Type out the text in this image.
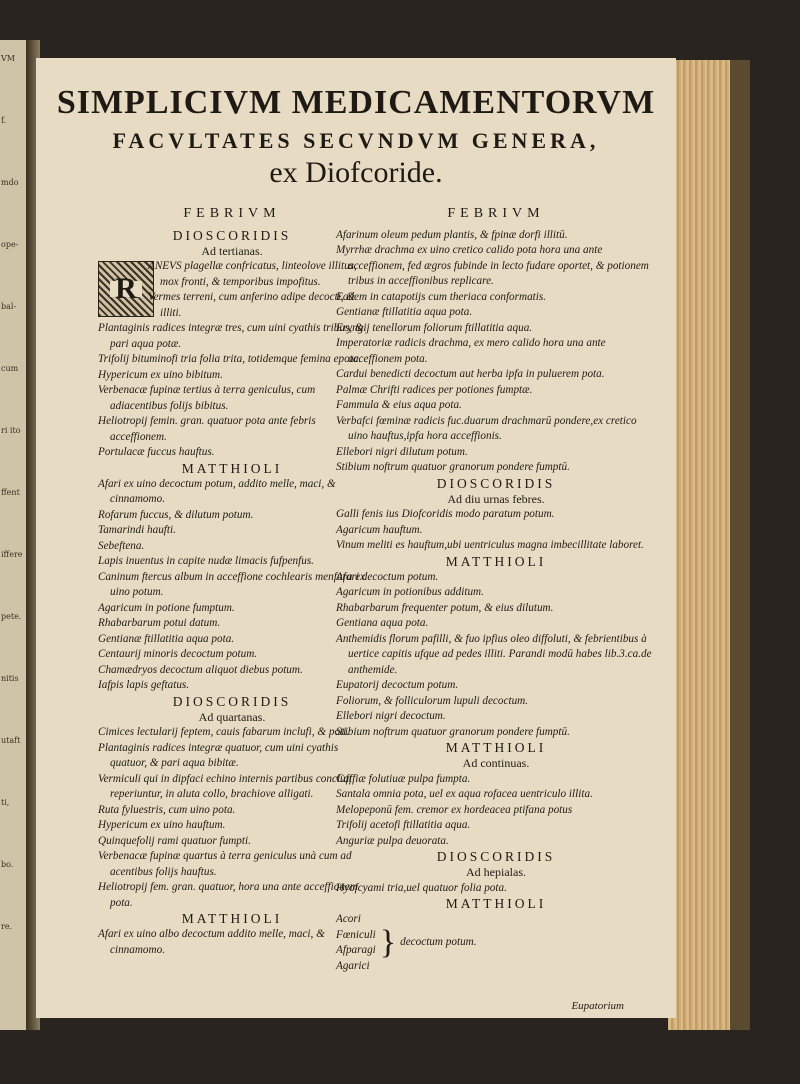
VM
f.
mdo
ope-
bal-
cum
ri ito
ffent
iffere
pete.
nitis
utaft
ti,
bo.
re.
SIMPLICIVM MEDICAMENTORVM
FACVLTATES SECVNDVM GENERA,
ex Diofcoride.
FEBRIVM
DIOSCORIDIS
Ad tertianas.
R
ANEVS plagellæ confricatus, linteolove illitus, mox fronti, & temporibus impofitus.
Vermes terreni, cum anferino adipe decocti, & illiti.
Plantaginis radices integræ tres, cum uini cyathis tribus, & pari aqua potæ.
Trifolij bituminofi tria folia trita, totidemque femina epota.
Hypericum ex uino bibitum.
Verbenacæ fupinæ tertius à terra geniculus, cum adiacentibus folijs bibitus.
Heliotropij femin. gran. quatuor pota ante febris acceffionem.
Portulacæ fuccus hauftus.
MATTHIOLI
Afari ex uino decoctum potum, addito melle, maci, & cinnamomo.
Rofarum fuccus, & dilutum potum.
Tamarindi haufti.
Sebeftena.
Lapis inuentus in capite nudæ limacis fufpenfus.
Caninum ftercus album in acceffione cochlearis menfura ex uino potum.
Agaricum in potione fumptum.
Rhabarbarum potui datum.
Gentianæ ftillatitia aqua pota.
Centaurij minoris decoctum potum.
Chamædryos decoctum aliquot diebus potum.
Iafpis lapis geftatus.
DIOSCORIDIS
Ad quartanas.
Cimices lectularij feptem, cauis fabarum inclufi, & poti.
Plantaginis radices integræ quatuor, cum uini cyathis quatuor, & pari aqua bibitæ.
Vermiculi qui in dipfaci echino internis partibus concluft reperiuntur, in aluta collo, brachiove alligati.
Ruta fyluestris, cum uino pota.
Hypericum ex uino hauftum.
Quinquefolij rami quatuor fumpti.
Verbenacæ fupinæ quartus à terra geniculus unà cum ad acentibus folijs hauftus.
Heliotropij fem. gran. quatuor, hora una ante acceffionem pota.
MATTHIOLI
Afari ex uino albo decoctum addito melle, maci, & cinnamomo.
FEBRIVM
Afarinum oleum pedum plantis, & fpinæ dorfi illitū.
Myrrhæ drachma ex uino cretico calido pota hora una ante acceffionem, fed ægros fubinde in lecto fudare oportet, & potionem tribus in acceffionibus replicare.
Eadem in catapotijs cum theriaca conformatis.
Gentianæ ftillatitia aqua pota.
Eryngij tenellorum foliorum ftillatitia aqua.
Imperatoriæ radicis drachma, ex mero calido hora una ante acceffionem pota.
Cardui benedicti decoctum aut herba ipfa in puluerem pota.
Palmæ Chrifti radices per potiones fumptæ.
Fammula & eius aqua pota.
Verbafci fœminæ radicis fuc.duarum drachmarū pondere,ex cretico uino hauftus,ipfa hora acceffionis.
Ellebori nigri dilutum potum.
Stibium noftrum quatuor granorum pondere fumptū.
DIOSCORIDIS
Ad diu urnas febres.
Galli fenis ius Diofcoridis modo paratum potum.
Agaricum hauftum.
Vinum meliti es hauftum,ubi uentriculus magna imbecillitate laboret.
MATTHIOLI
Afari decoctum potum.
Agaricum in potionibus additum.
Rhabarbarum frequenter potum, & eius dilutum.
Gentiana aqua pota.
Anthemidis florum pafilli, & fuo ipfius oleo diffoluti, & febrientibus à uertice capitis ufque ad pedes illiti. Parandi modū habes lib.3.ca.de anthemide.
Eupatorij decoctum potum.
Foliorum, & folliculorum lupuli decoctum.
Ellebori nigri decoctum.
Stibium noftrum quatuor granorum pondere fumptū.
MATTHIOLI
Ad continuas.
Caffiæ folutiuæ pulpa fumpta.
Santala omnia pota, uel ex aqua rofacea uentriculo illita.
Melopeponū fem. cremor ex hordeacea ptifana potus
Trifolij acetofi ftillatitia aqua.
Anguriæ pulpa deuorata.
DIOSCORIDIS
Ad hepialas.
Hyofcyami tria,uel quatuor folia pota.
MATTHIOLI
Acori
Fœniculi
Afparagi
Agarici
} decoctum potum.
Eupatorium
